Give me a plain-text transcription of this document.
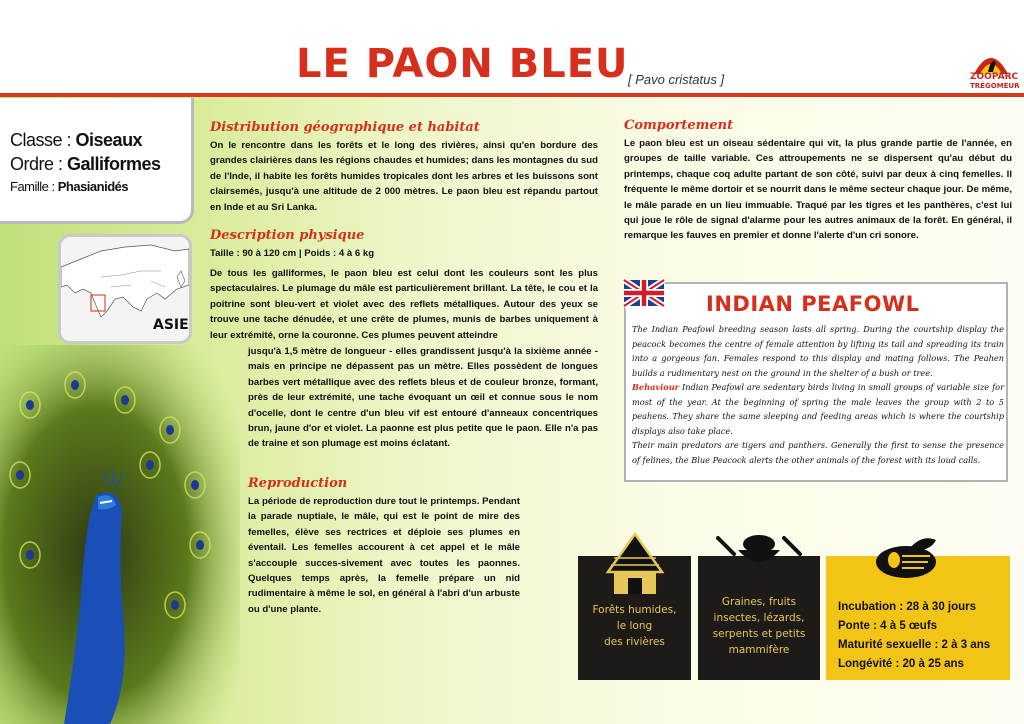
LE PAON BLEU [ Pavo cristatus ]	ZOOPARC
TRÉGOMEUR
Classe : Oiseaux
Ordre : Galliformes
Famille : Phasianidés
ASIE
Distribution géographique et habitat
On le rencontre dans les forêts et le long des rivières, ainsi qu'en bordure des grandes clairières dans les régions chaudes et humides; dans les montagnes du sud de l'Inde, il habite les forêts humides tropicales dont les arbres et les buissons sont clairsemés, jusqu'à une altitude de 2 000 mètres. Le paon bleu est répandu partout en Inde et au Sri Lanka.
Description physique
Taille : 90 à 120 cm | Poids : 4 à 6 kg
De tous les galliformes, le paon bleu est celui dont les couleurs sont les plus spectaculaires. Le plumage du mâle est particulièrement brillant. La tête, le cou et la poitrine sont bleu-vert et violet avec des reflets métalliques. Autour des yeux se trouve une tache dénudée, et une crête de plumes, munis de barbes uniquement à leur extrémité, orne la couronne. Ces plumes peuvent atteindre
jusqu'à 1,5 mètre de longueur - elles grandissent jusqu'à la sixième année - mais en principe ne dépassent pas un mètre. Elles possèdent de longues barbes vert métallique avec des reflets bleus et de couleur bronze, formant, près de leur extrémité, une tache évoquant un œil et connue sous le nom d'ocelle, dont le centre d'un bleu vif est entouré d'anneaux concentriques brun, jaune d'or et violet. La paonne est plus petite que le paon. Elle n'a pas de traine et son plumage est moins éclatant.
Reproduction
La période de reproduction dure tout le printemps. Pendant la parade nuptiale, le mâle, qui est le point de mire des femelles, élève ses rectrices et déploie ses plumes en éventail. Les femelles accourent à cet appel et le mâle s'accouple succes-sivement avec toutes les paonnes. Quelques temps après, la femelle prépare un nid rudimentaire à même le sol, en général à l'abri d'un arbuste ou d'une plante.
Comportement
Le paon bleu est un oiseau sédentaire qui vit, la plus grande partie de l'année, en groupes de taille variable. Ces attroupements ne se dispersent qu'au début du printemps, chaque coq adulte partant de son côté, suivi par deux à cinq femelles. Il fréquente le même dortoir et se nourrit dans le même secteur chaque jour. De même, le mâle parade en un lieu immuable. Traqué par les tigres et les panthères, c'est lui qui joue le rôle de signal d'alarme pour les autres animaux de la forêt. En général, il remarque les fauves en premier et donne l'alerte d'un cri sonore.
INDIAN PEAFOWL
The Indian Peafowl breeding season lasts all spring. During the courtship display the peacock becomes the centre of female attention by lifting its tail and spreading its train into a gorgeous fan. Females respond to this display and mating follows. The Peahen builds a rudimentary nest on the ground in the shelter of a bush or tree.
Behaviour Indian Peafowl are sedentary birds living in small groups of variable size for most of the year. At the beginning of spring the male leaves the group with 2 to 5 peahens. They share the same sleeping and feeding areas which is where the courtship displays also take place.
Their main predators are tigers and panthers. Generally the first to sense the presence of felines, the Blue Peacock alerts the other animals of the forest with its loud calls.
Forêts humides,
le long
des rivières
Graines, fruits
insectes, lézards,
serpents et petits
mammifère
Incubation : 28 à 30 jours
Ponte : 4 à 5 œufs
Maturité sexuelle : 2 à 3 ans
Longévité : 20 à 25 ans
